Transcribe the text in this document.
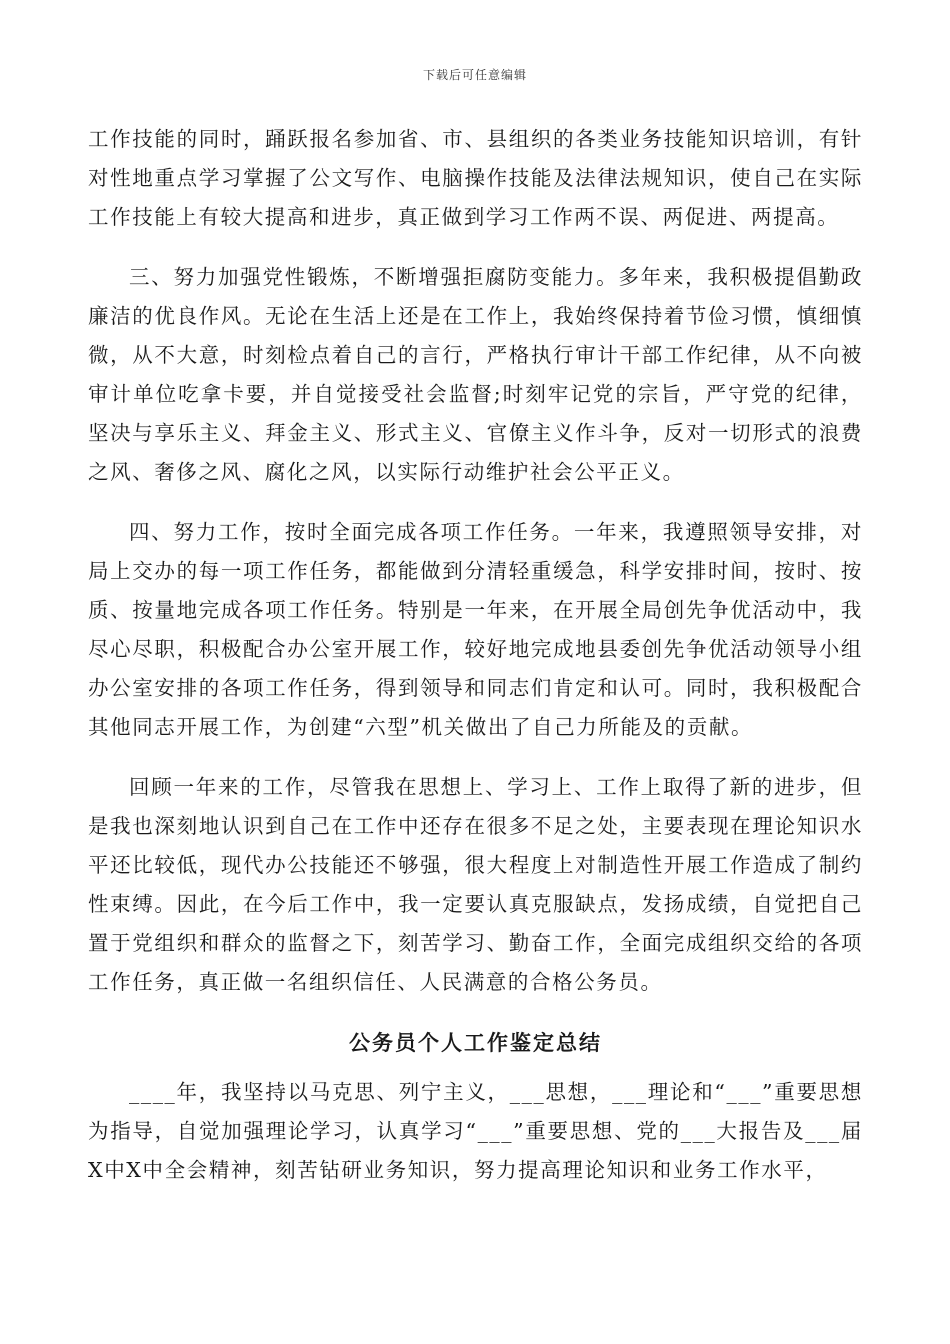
下载后可任意编辑

工作技能的同时，踊跃报名参加省、市、县组织的各类业务技能知识培训，有针对性地重点学习掌握了公文写作、电脑操作技能及法律法规知识，使自己在实际工作技能上有较大提高和进步，真正做到学习工作两不误、两促进、两提高。

三、努力加强党性锻炼，不断增强拒腐防变能力。多年来，我积极提倡勤政廉洁的优良作风。无论在生活上还是在工作上，我始终保持着节俭习惯，慎细慎微，从不大意，时刻检点着自己的言行，严格执行审计干部工作纪律，从不向被审计单位吃拿卡要，并自觉接受社会监督;时刻牢记党的宗旨，严守党的纪律，坚决与享乐主义、拜金主义、形式主义、官僚主义作斗争，反对一切形式的浪费之风、奢侈之风、腐化之风，以实际行动维护社会公平正义。

四、努力工作，按时全面完成各项工作任务。一年来，我遵照领导安排，对局上交办的每一项工作任务，都能做到分清轻重缓急，科学安排时间，按时、按质、按量地完成各项工作任务。特别是一年来，在开展全局创先争优活动中，我尽心尽职，积极配合办公室开展工作，较好地完成地县委创先争优活动领导小组办公室安排的各项工作任务，得到领导和同志们肯定和认可。同时，我积极配合其他同志开展工作，为创建“六型”机关做出了自己力所能及的贡献。

回顾一年来的工作，尽管我在思想上、学习上、工作上取得了新的进步，但是我也深刻地认识到自己在工作中还存在很多不足之处，主要表现在理论知识水平还比较低，现代办公技能还不够强，很大程度上对制造性开展工作造成了制约性束缚。因此，在今后工作中，我一定要认真克服缺点，发扬成绩，自觉把自己置于党组织和群众的监督之下，刻苦学习、勤奋工作，全面完成组织交给的各项工作任务，真正做一名组织信任、人民满意的合格公务员。

公务员个人工作鉴定总结

____年，我坚持以马克思、列宁主义，___思想，___理论和“___”重要思想为指导，自觉加强理论学习，认真学习“___”重要思想、党的___大报告及___届X中X中全会精神，刻苦钻研业务知识，努力提高理论知识和业务工作水平，
